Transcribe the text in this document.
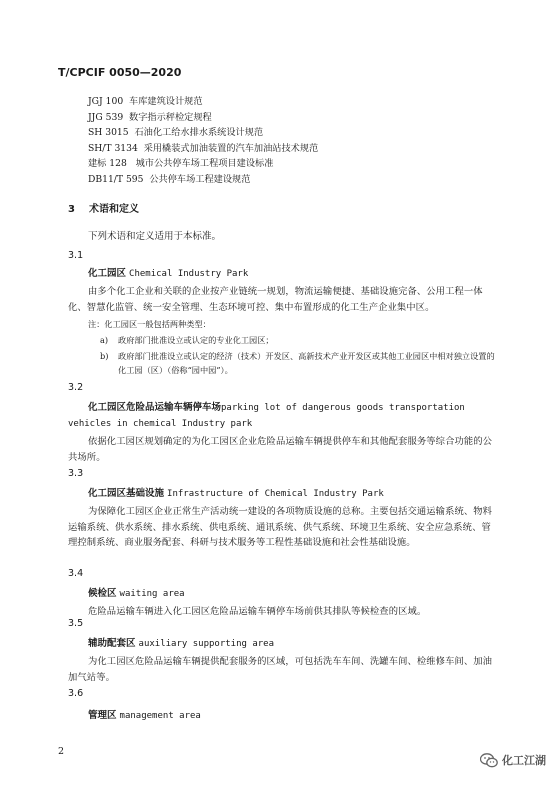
T/CPCIF 0050—2020
JGJ 100 车库建筑设计规范
JJG 539 数字指示秤检定规程
SH 3015 石油化工给水排水系统设计规范
SH/T 3134 采用橇装式加油装置的汽车加油站技术规范
建标 128 城市公共停车场工程项目建设标准
DB11/T 595 公共停车场工程建设规范
3 术语和定义
下列术语和定义适用于本标准。
3.1

化工园区 Chemical Industry Park

由多个化工企业和关联的企业按产业链统一规划，物流运输便捷、基础设施完备、公用工程一体化、智慧化监管、统一安全管理、生态环境可控、集中布置形成的化工生产企业集中区。

注：化工园区一般包括两种类型：

a)	政府部门批准设立或认定的专业化工园区；
b)	政府部门批准设立或认定的经济（技术）开发区、高新技术产业开发区或其他工业园区中相对独立设置的化工园（区）（俗称“园中园”）。
3.2

化工园区危险品运输车辆停车场parking lot of dangerous goods transportation vehicles in chemical Industry park

依据化工园区规划确定的为化工园区企业危险品运输车辆提供停车和其他配套服务等综合功能的公共场所。

3.3

化工园区基础设施 Infrastructure of Chemical Industry Park

为保障化工园区企业正常生产活动统一建设的各项物质设施的总称。主要包括交通运输系统、物料运输系统、供水系统、排水系统、供电系统、通讯系统、供气系统、环境卫生系统、安全应急系统、管理控制系统、商业服务配套、科研与技术服务等工程性基础设施和社会性基础设施。

3.4

候检区 waiting area

危险品运输车辆进入化工园区危险品运输车辆停车场前供其排队等候检查的区域。

3.5

辅助配套区 auxiliary supporting area

为化工园区危险品运输车辆提供配套服务的区域，可包括洗车车间、洗罐车间、检维修车间、加油加气站等。

3.6

管理区 management area

2
化工江湖
